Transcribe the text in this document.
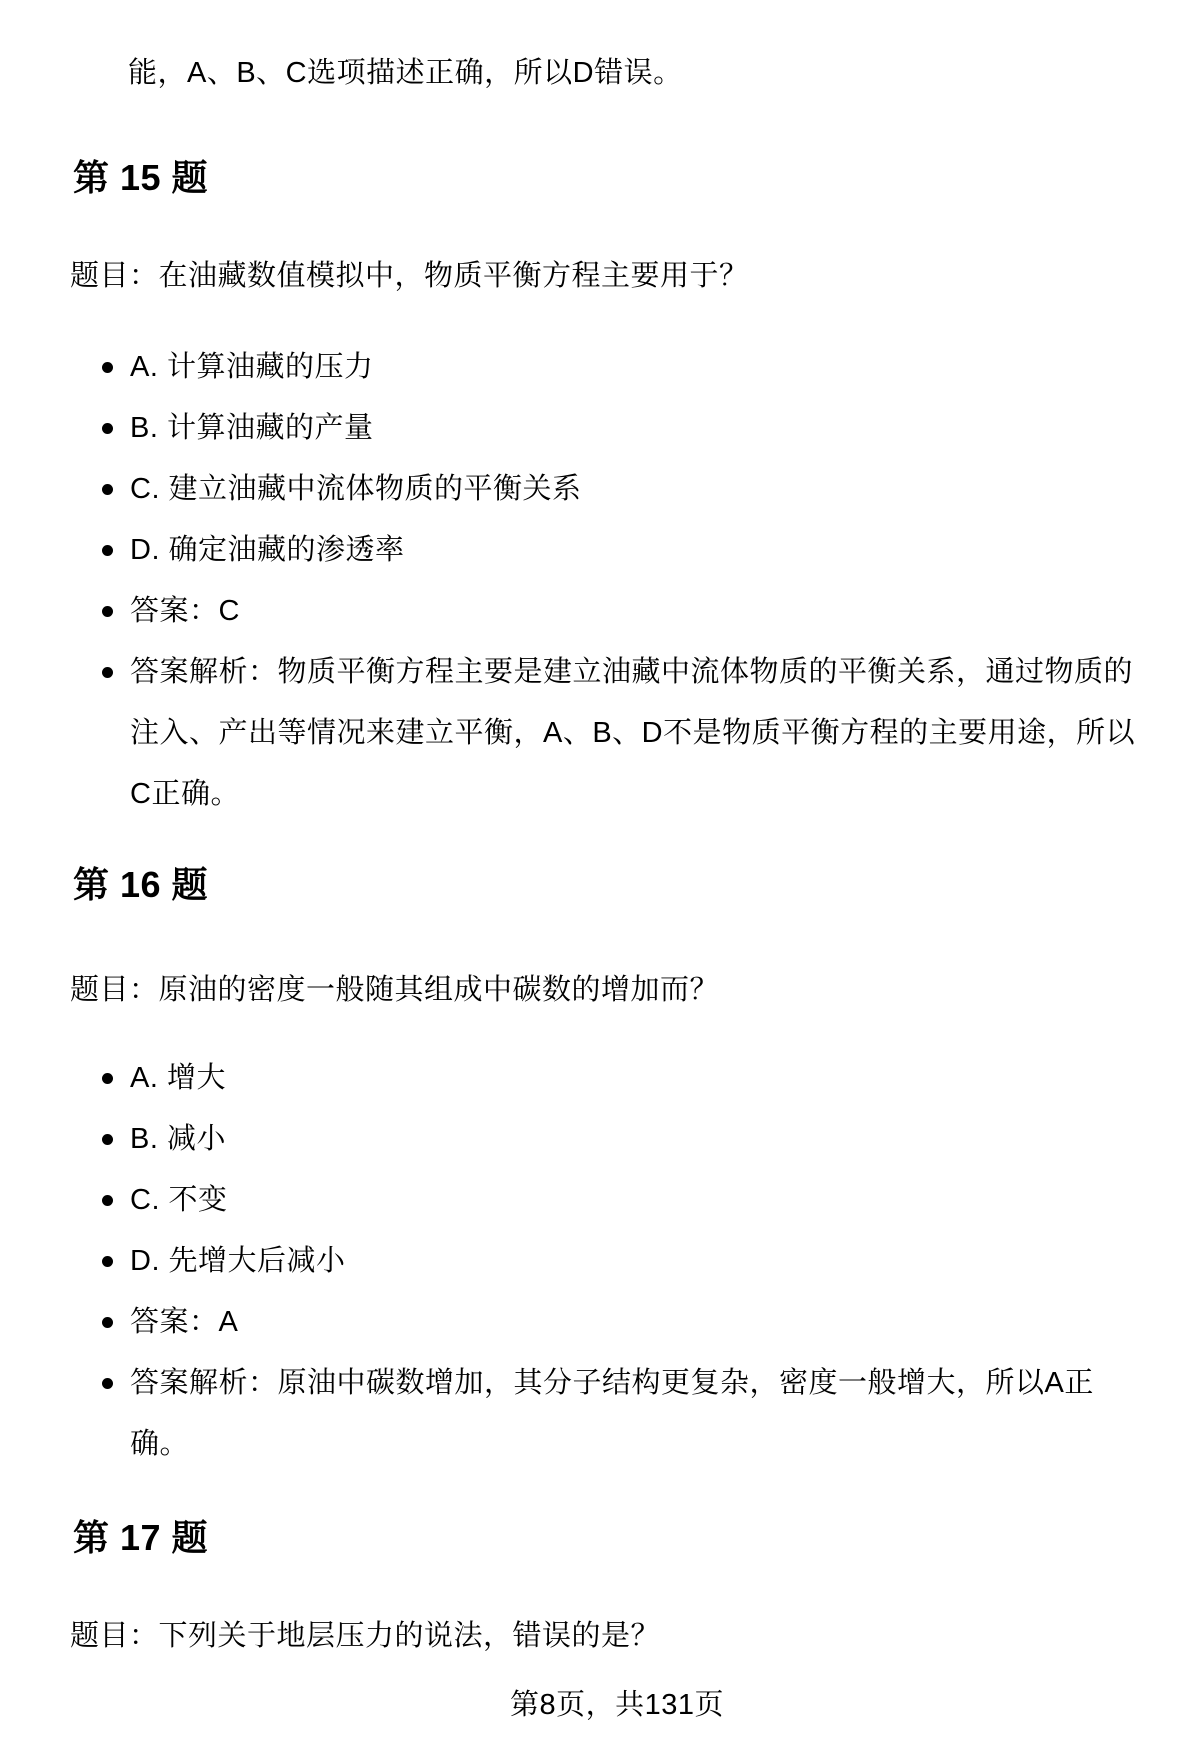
能，A、B、C选项描述正确，所以D错误。
第 15 题
题目：在油藏数值模拟中，物质平衡方程主要用于？
A. 计算油藏的压力
B. 计算油藏的产量
C. 建立油藏中流体物质的平衡关系
D. 确定油藏的渗透率
答案：C
答案解析：物质平衡方程主要是建立油藏中流体物质的平衡关系，通过物质的
注入、产出等情况来建立平衡，A、B、D不是物质平衡方程的主要用途，所以
C正确。
第 16 题
题目：原油的密度一般随其组成中碳数的增加而？
A. 增大
B. 减小
C. 不变
D. 先增大后减小
答案：A
答案解析：原油中碳数增加，其分子结构更复杂，密度一般增大，所以A正
确。
第 17 题
题目：下列关于地层压力的说法，错误的是？
第8页，共131页
